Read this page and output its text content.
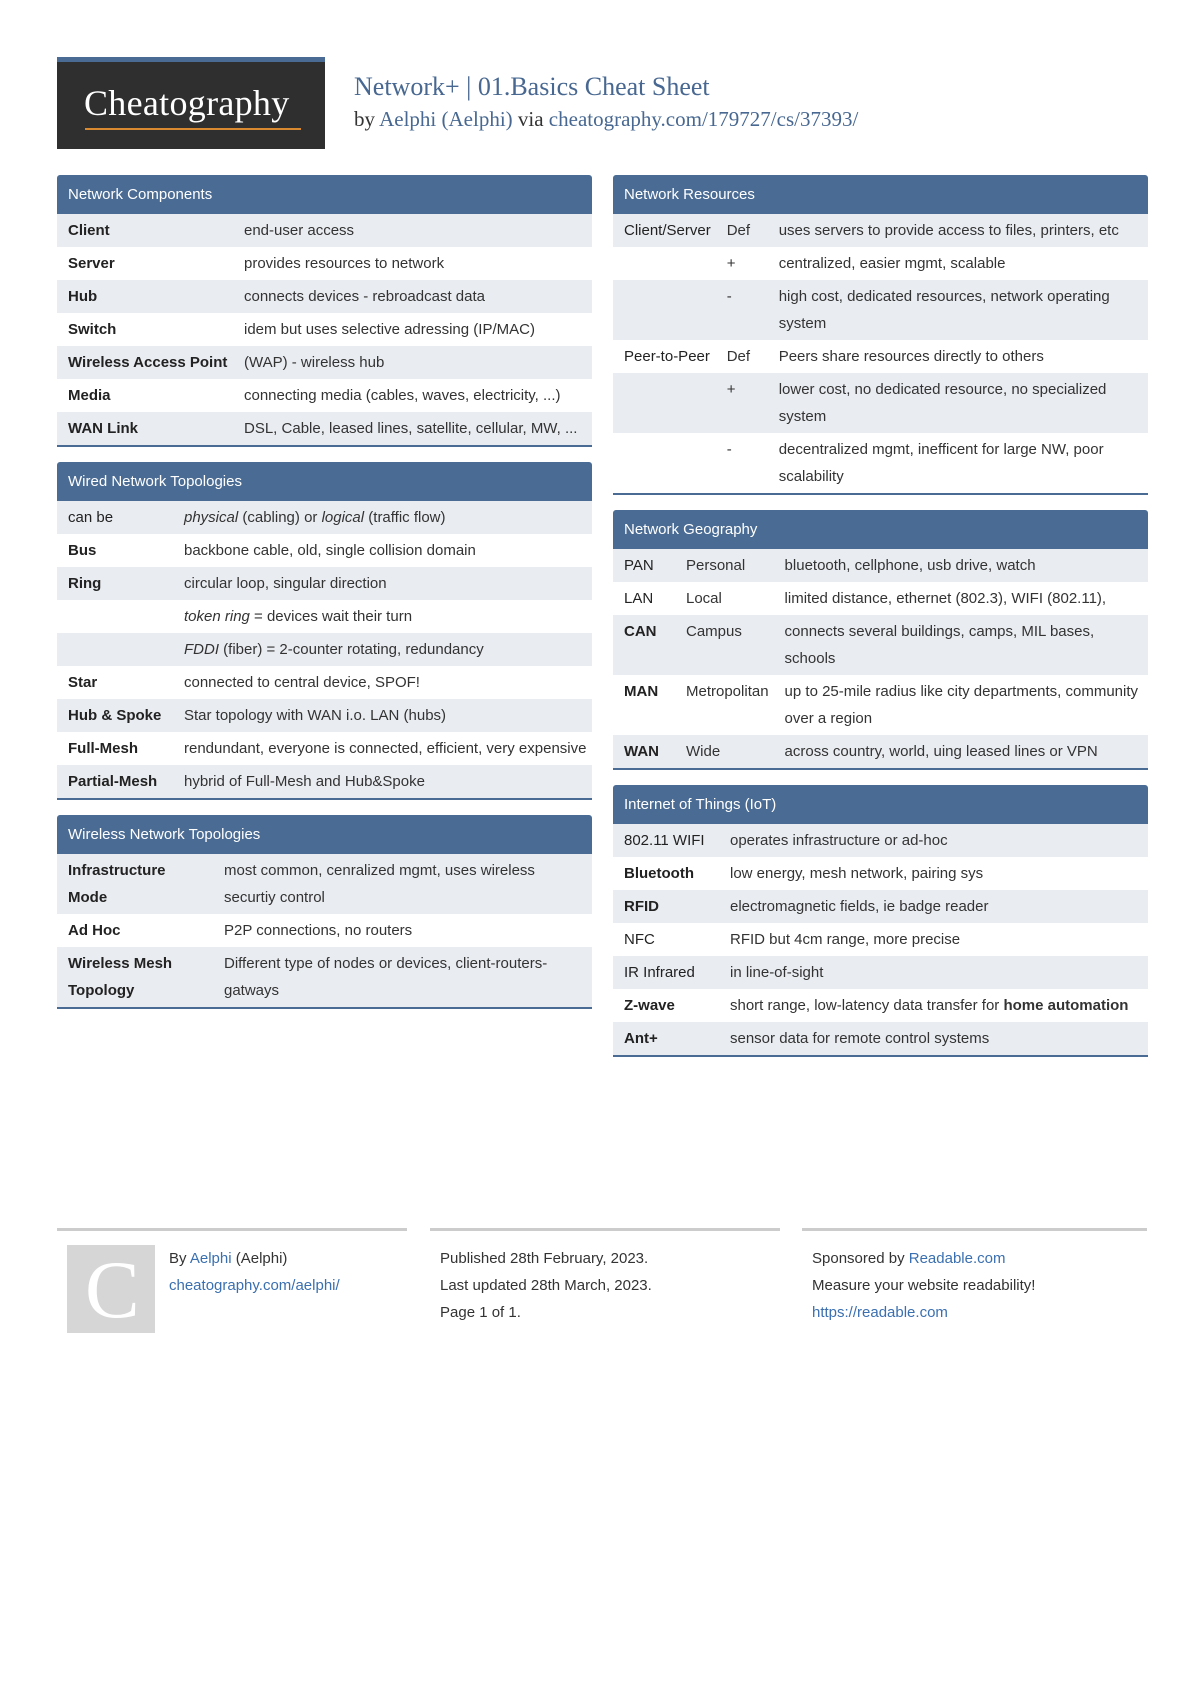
Cheatography Network+ | 01.Basics Cheat Sheet
by Aelphi (Aelphi) via cheatography.com/179727/cs/37393/
Network Components
Client	end-user access
Server	provides resources to network
Hub	connects devices - rebroadcast data
Switch	idem but uses selective adressing (IP/MAC)
Wireless Access Point	(WAP) - wireless hub
Media	connecting media (cables, waves, electricity, ...)
WAN Link	DSL, Cable, leased lines, satellite, cellular, MW, ...
Wired Network Topologies
can be	physical (cabling) or logical (traffic flow)
Bus	backbone cable, old, single collision domain
Ring	circular loop, singular direction
	token ring = devices wait their turn
	FDDI (fiber) = 2-counter rotating, redundancy
Star	connected to central device, SPOF!
Hub & Spoke	Star topology with WAN i.o. LAN (hubs)
Full-Mesh	rendundant, everyone is connected, efficient, very expensive
Partial-Mesh	hybrid of Full-Mesh and Hub&Spoke
Wireless Network Topologies
Infrastructure Mode	most common, cenralized mgmt, uses wireless securtiy control
Ad Hoc	P2P connections, no routers
Wireless Mesh Topology	Different type of nodes or devices, client-routers-gatways
Network Resources
Client/Server	Def	uses servers to provide access to files, printers, etc
	+	centralized, easier mgmt, scalable
	-	high cost, dedicated resources, network operating system
Peer-to-Peer	Def	Peers share resources directly to others
	+	lower cost, no dedicated resource, no specialized system
	-	decentralized mgmt, inefficent for large NW, poor scalability
Network Geography
PAN	Personal	bluetooth, cellphone, usb drive, watch
LAN	Local	limited distance, ethernet (802.3), WIFI (802.11),
CAN	Campus	connects several buildings, camps, MIL bases, schools
MAN	Metropolitan	up to 25-mile radius like city departments, community over a region
WAN	Wide	across country, world, uing leased lines or VPN
Internet of Things (IoT)
802.11 WIFI	operates infrastructure or ad-hoc
Bluetooth	low energy, mesh network, pairing sys
RFID	electromagnetic fields, ie badge reader
NFC	RFID but 4cm range, more precise
IR Infrared	in line-of-sight
Z-wave	short range, low-latency data transfer for home automation
Ant+	sensor data for remote control systems
C By Aelphi (Aelphi)
cheatography.com/aelphi/
Published 28th February, 2023.
Last updated 28th March, 2023.
Page 1 of 1.
Sponsored by Readable.com
Measure your website readability!
https://readable.com
